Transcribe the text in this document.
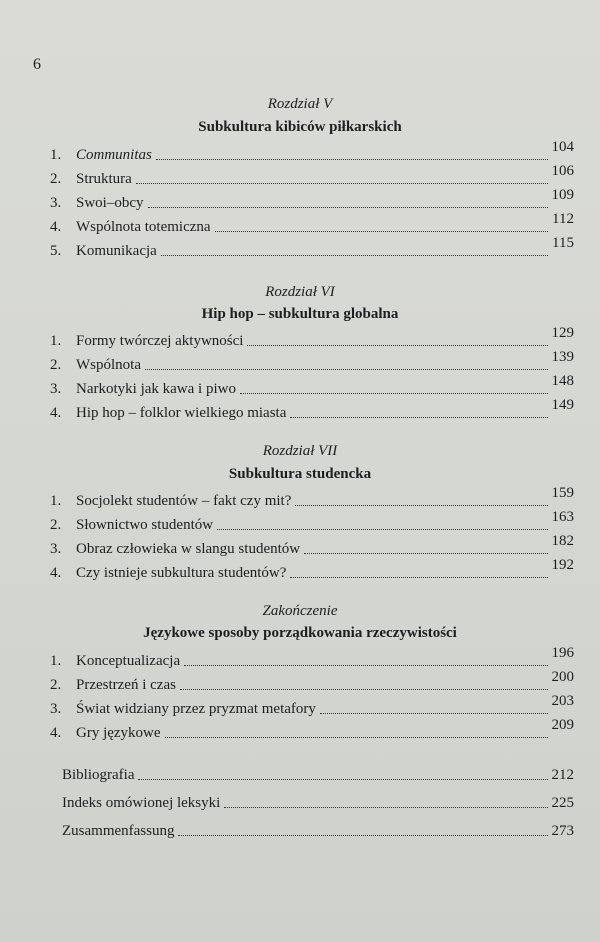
6
Rozdział V
Subkultura kibiców piłkarskich
1. Communitas	104
2. Struktura	106
3. Swoi–obcy	109
4. Wspólnota totemiczna	112
5. Komunikacja	115
Rozdział VI
Hip hop – subkultura globalna
1. Formy twórczej aktywności	129
2. Wspólnota	139
3. Narkotyki jak kawa i piwo	148
4. Hip hop – folklor wielkiego miasta	149
Rozdział VII
Subkultura studencka
1. Socjolekt studentów – fakt czy mit?	159
2. Słownictwo studentów	163
3. Obraz człowieka w slangu studentów	182
4. Czy istnieje subkultura studentów?	192
Zakończenie
Językowe sposoby porządkowania rzeczywistości
1. Konceptualizacja	196
2. Przestrzeń i czas	200
3. Świat widziany przez pryzmat metafory	203
4. Gry językowe	209
Bibliografia	212
Indeks omówionej leksyki	225
Zusammenfassung	273
